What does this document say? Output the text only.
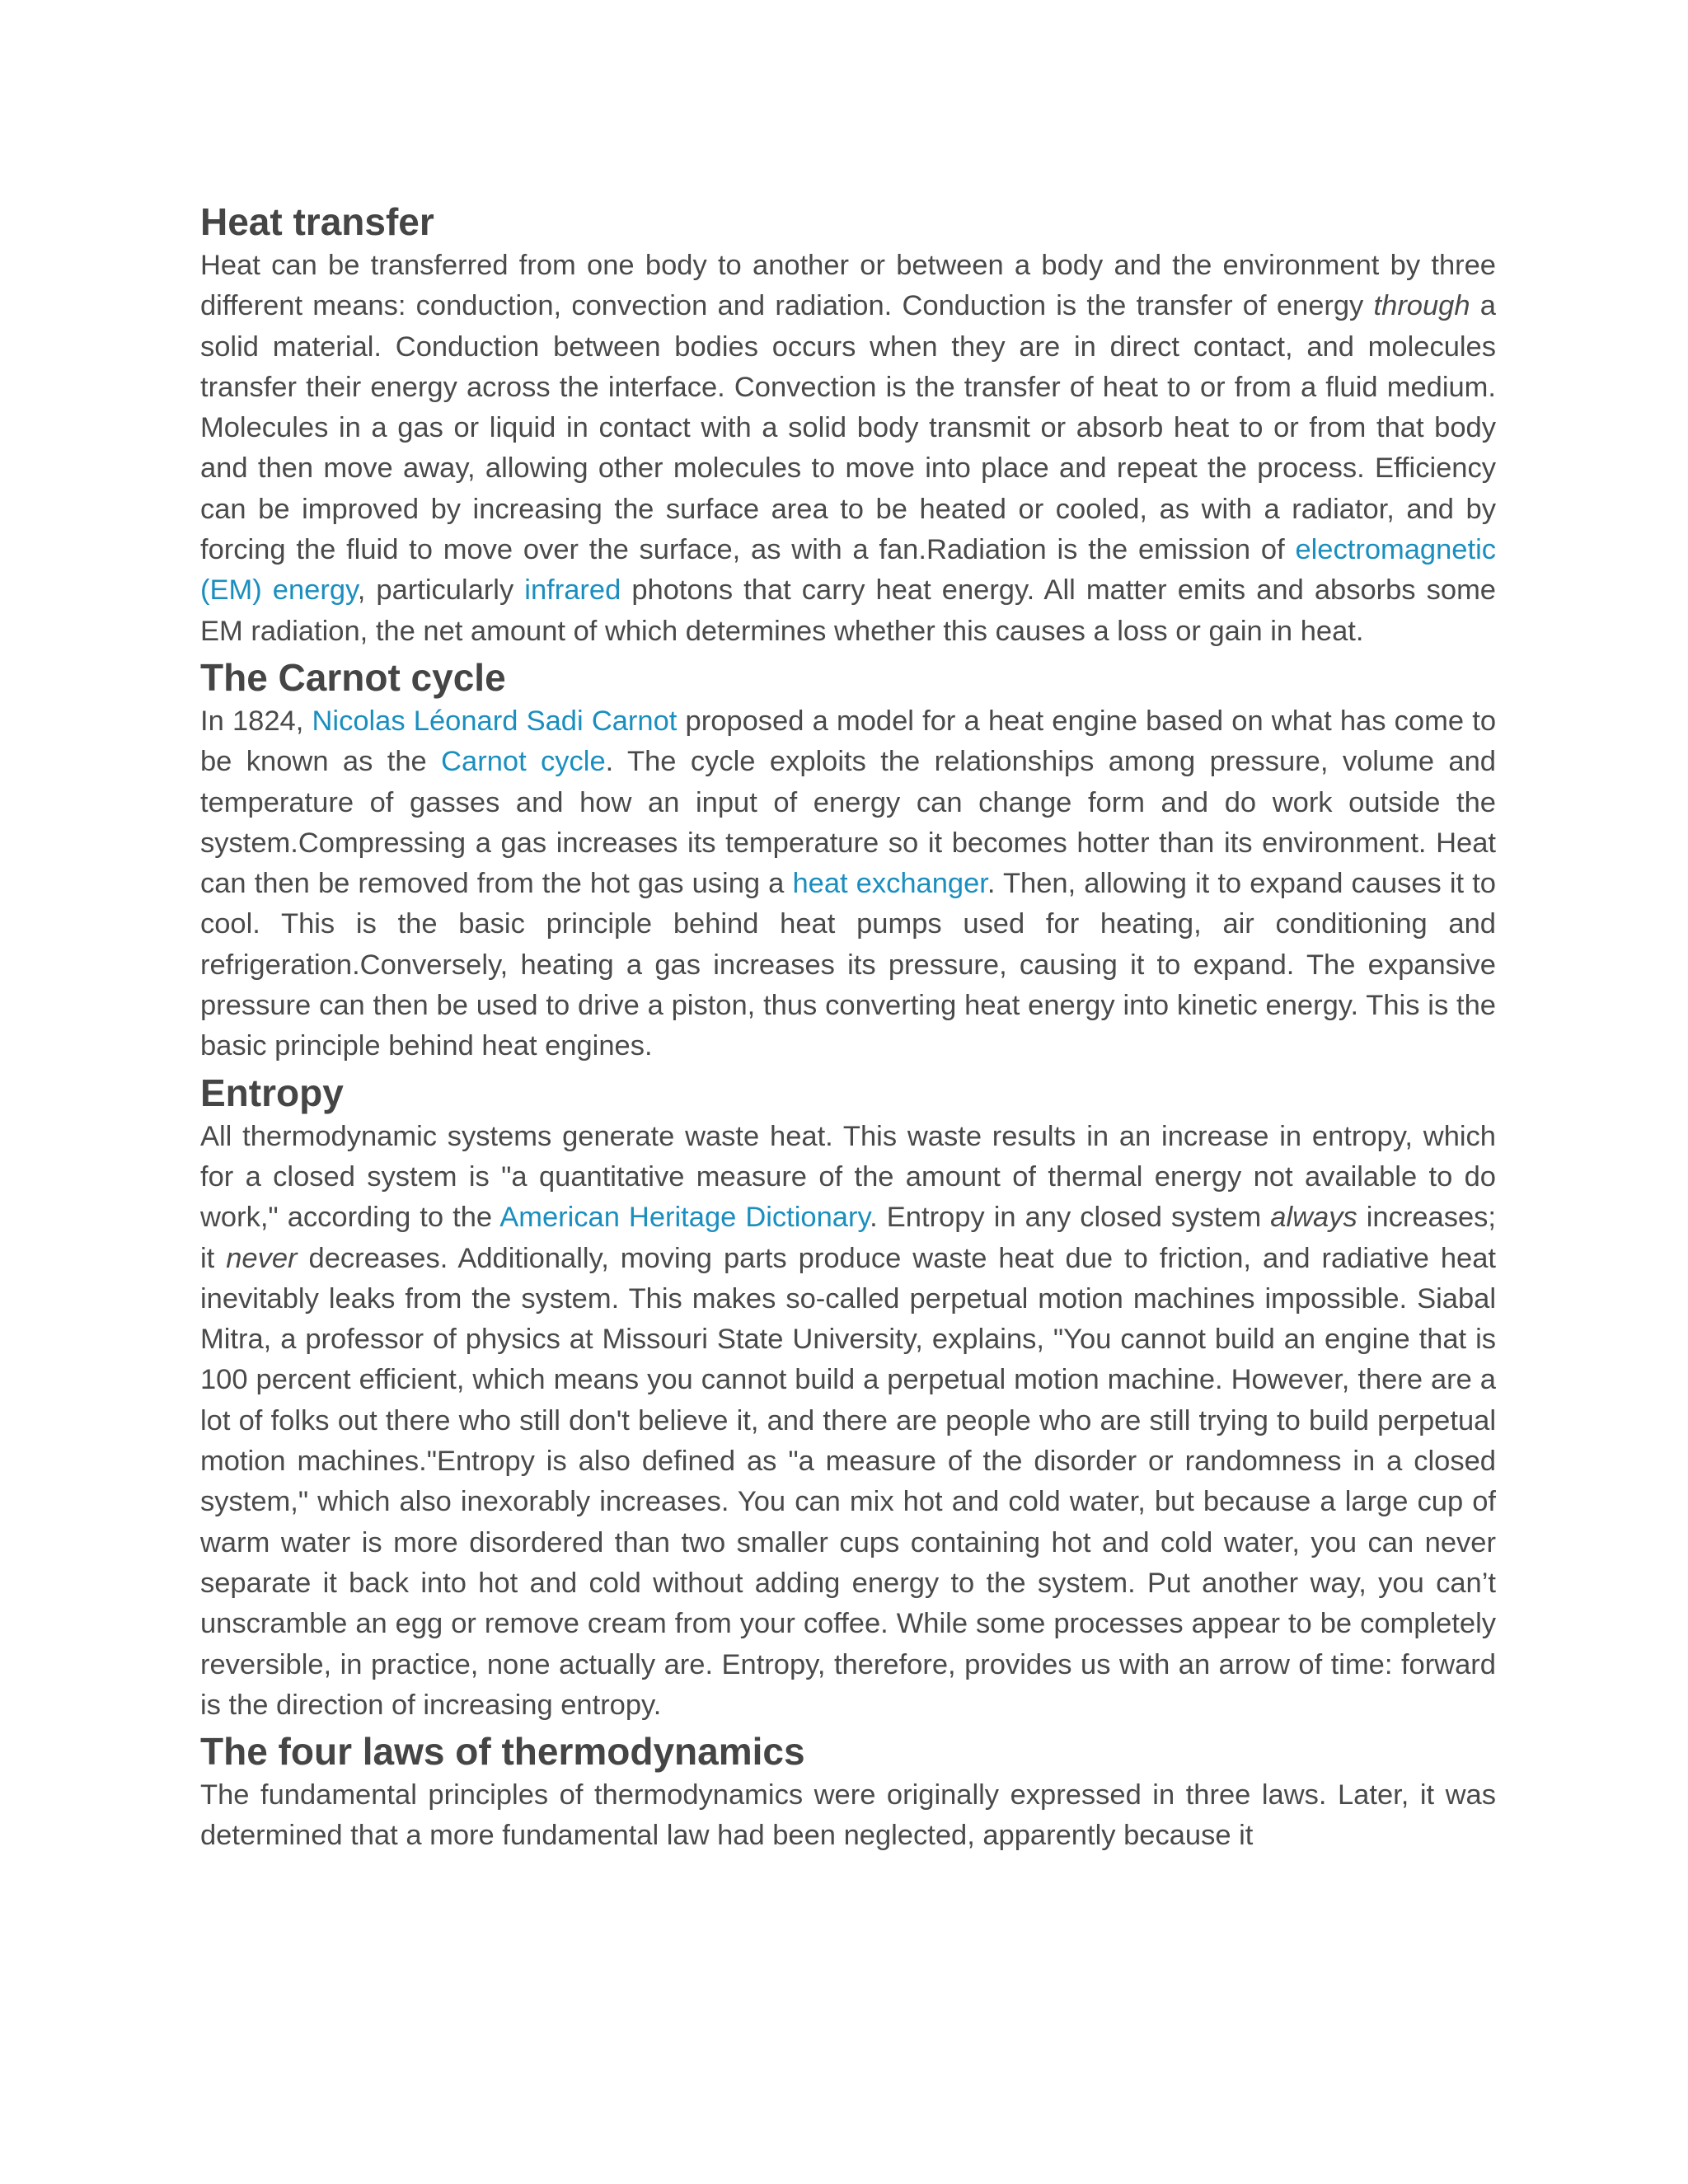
Heat transfer

Heat can be transferred from one body to another or between a body and the environment by three different means: conduction, convection and radiation. Conduction is the transfer of energy through a solid material. Conduction between bodies occurs when they are in direct contact, and molecules transfer their energy across the interface. Convection is the transfer of heat to or from a fluid medium. Molecules in a gas or liquid in contact with a solid body transmit or absorb heat to or from that body and then move away, allowing other molecules to move into place and repeat the process. Efficiency can be improved by increasing the surface area to be heated or cooled, as with a radiator, and by forcing the fluid to move over the surface, as with a fan.Radiation is the emission of electromagnetic (EM) energy, particularly infrared photons that carry heat energy. All matter emits and absorbs some EM radiation, the net amount of which determines whether this causes a loss or gain in heat.

The Carnot cycle

In 1824, Nicolas Léonard Sadi Carnot proposed a model for a heat engine based on what has come to be known as the Carnot cycle. The cycle exploits the relationships among pressure, volume and temperature of gasses and how an input of energy can change form and do work outside the system.Compressing a gas increases its temperature so it becomes hotter than its environment. Heat can then be removed from the hot gas using a heat exchanger. Then, allowing it to expand causes it to cool. This is the basic principle behind heat pumps used for heating, air conditioning and refrigeration.Conversely, heating a gas increases its pressure, causing it to expand. The expansive pressure can then be used to drive a piston, thus converting heat energy into kinetic energy. This is the basic principle behind heat engines.

Entropy

All thermodynamic systems generate waste heat. This waste results in an increase in entropy, which for a closed system is "a quantitative measure of the amount of thermal energy not available to do work," according to the American Heritage Dictionary. Entropy in any closed system always increases; it never decreases. Additionally, moving parts produce waste heat due to friction, and radiative heat inevitably leaks from the system. This makes so-called perpetual motion machines impossible. Siabal Mitra, a professor of physics at Missouri State University, explains, "You cannot build an engine that is 100 percent efficient, which means you cannot build a perpetual motion machine. However, there are a lot of folks out there who still don't believe it, and there are people who are still trying to build perpetual motion machines."Entropy is also defined as "a measure of the disorder or randomness in a closed system," which also inexorably increases. You can mix hot and cold water, but because a large cup of warm water is more disordered than two smaller cups containing hot and cold water, you can never separate it back into hot and cold without adding energy to the system. Put another way, you can’t unscramble an egg or remove cream from your coffee. While some processes appear to be completely reversible, in practice, none actually are. Entropy, therefore, provides us with an arrow of time: forward is the direction of increasing entropy.

The four laws of thermodynamics

The fundamental principles of thermodynamics were originally expressed in three laws. Later, it was determined that a more fundamental law had been neglected, apparently because it
